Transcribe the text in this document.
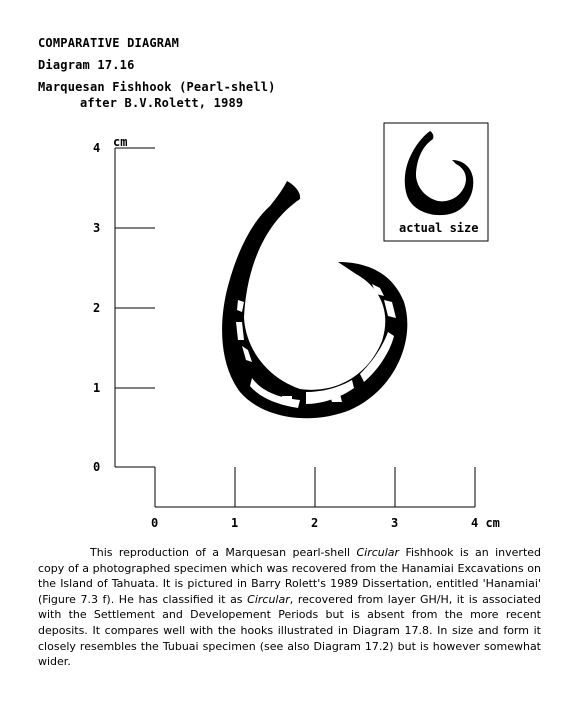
COMPARATIVE DIAGRAM
Diagram 17.16
Marquesan Fishhook (Pearl-shell)
after B.V.Rolett, 1989
cm
4
3
2
1
0
0	1	2	3	4 cm
actual size
This reproduction of a Marquesan pearl-shell Circular Fishhook is an inverted copy of a photographed specimen which was recovered from the Hanamiai Excavations on the Island of Tahuata. It is pictured in Barry Rolett's 1989 Dissertation, entitled 'Hanamiai' (Figure 7.3 f). He has classified it as Circular, recovered from layer GH/H, it is associated with the Settlement and Developement Periods but is absent from the more recent deposits. It compares well with the hooks illustrated in Diagram 17.8. In size and form it closely resembles the Tubuai specimen (see also Diagram 17.2) but is however somewhat wider.
